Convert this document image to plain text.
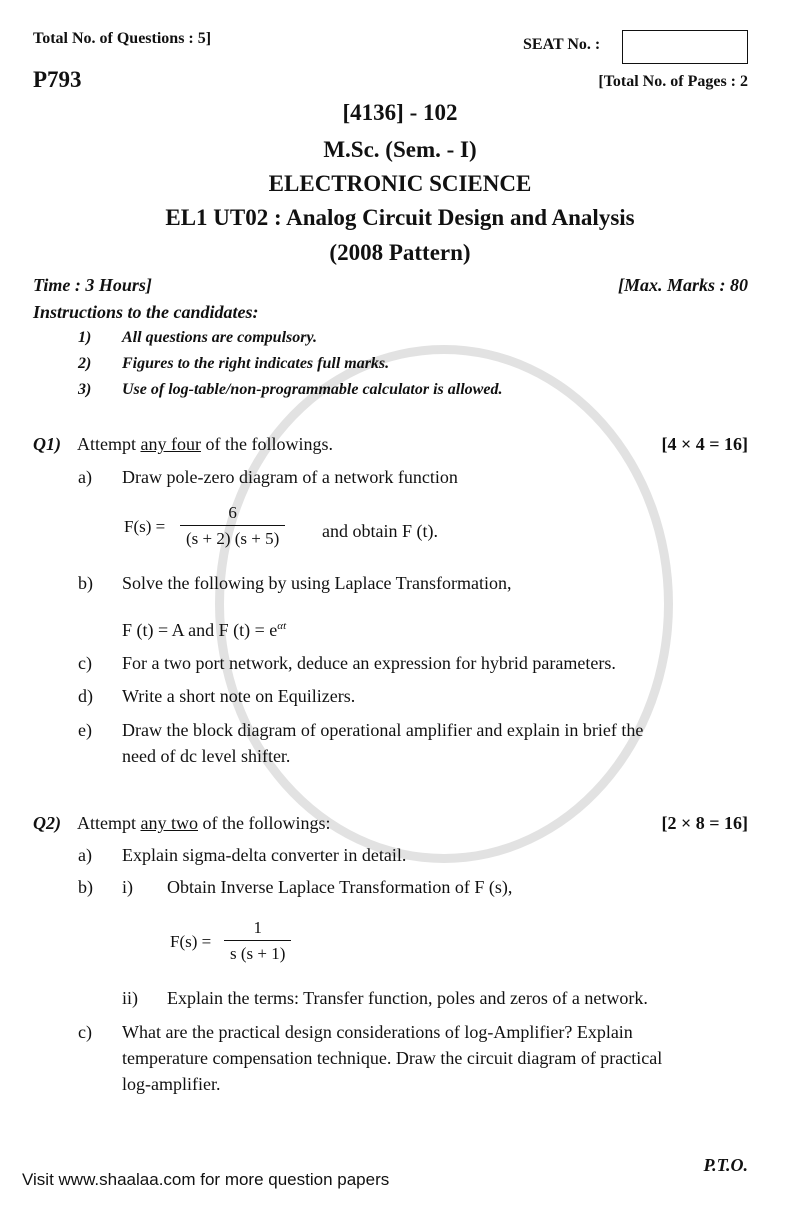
Total No. of Questions : 5]	SEAT No. :
P793	[Total No. of Pages : 2
[4136] - 102
M.Sc. (Sem. - I)
ELECTRONIC SCIENCE
EL1 UT02 : Analog Circuit Design and Analysis
(2008 Pattern)
Time : 3 Hours]	[Max. Marks : 80
Instructions to the candidates:
1) All questions are compulsory.
2) Figures to the right indicates full marks.
3) Use of log-table/non-programmable calculator is allowed.
Q1) Attempt any four of the followings.	[4 × 4 = 16]
a) Draw pole-zero diagram of a network function
$F(s) = \frac{6}{(s + 2) (s + 5)}$ and obtain F (t).
b) Solve the following by using Laplace Transformation,
F (t) = A and F $(t) = e^{\alpha t}$
c) For a two port network, deduce an expression for hybrid parameters.
d) Write a short note on Equilizers.
e) Draw the block diagram of operational amplifier and explain in brief the
need of dc level shifter.
Q2) Attempt any two of the followings:	[2 × 8 = 16]
a) Explain sigma-delta converter in detail.
b) i) Obtain Inverse Laplace Transformation of F (s),
$F(s) = \frac{1}{s (s + 1)}$
ii) Explain the terms: Transfer function, poles and zeros of a network.
c) What are the practical design considerations of log-Amplifier? Explain
temperature compensation technique. Draw the circuit diagram of practical
log-amplifier.
P.T.O.
Visit www.shaalaa.com for more question papers
